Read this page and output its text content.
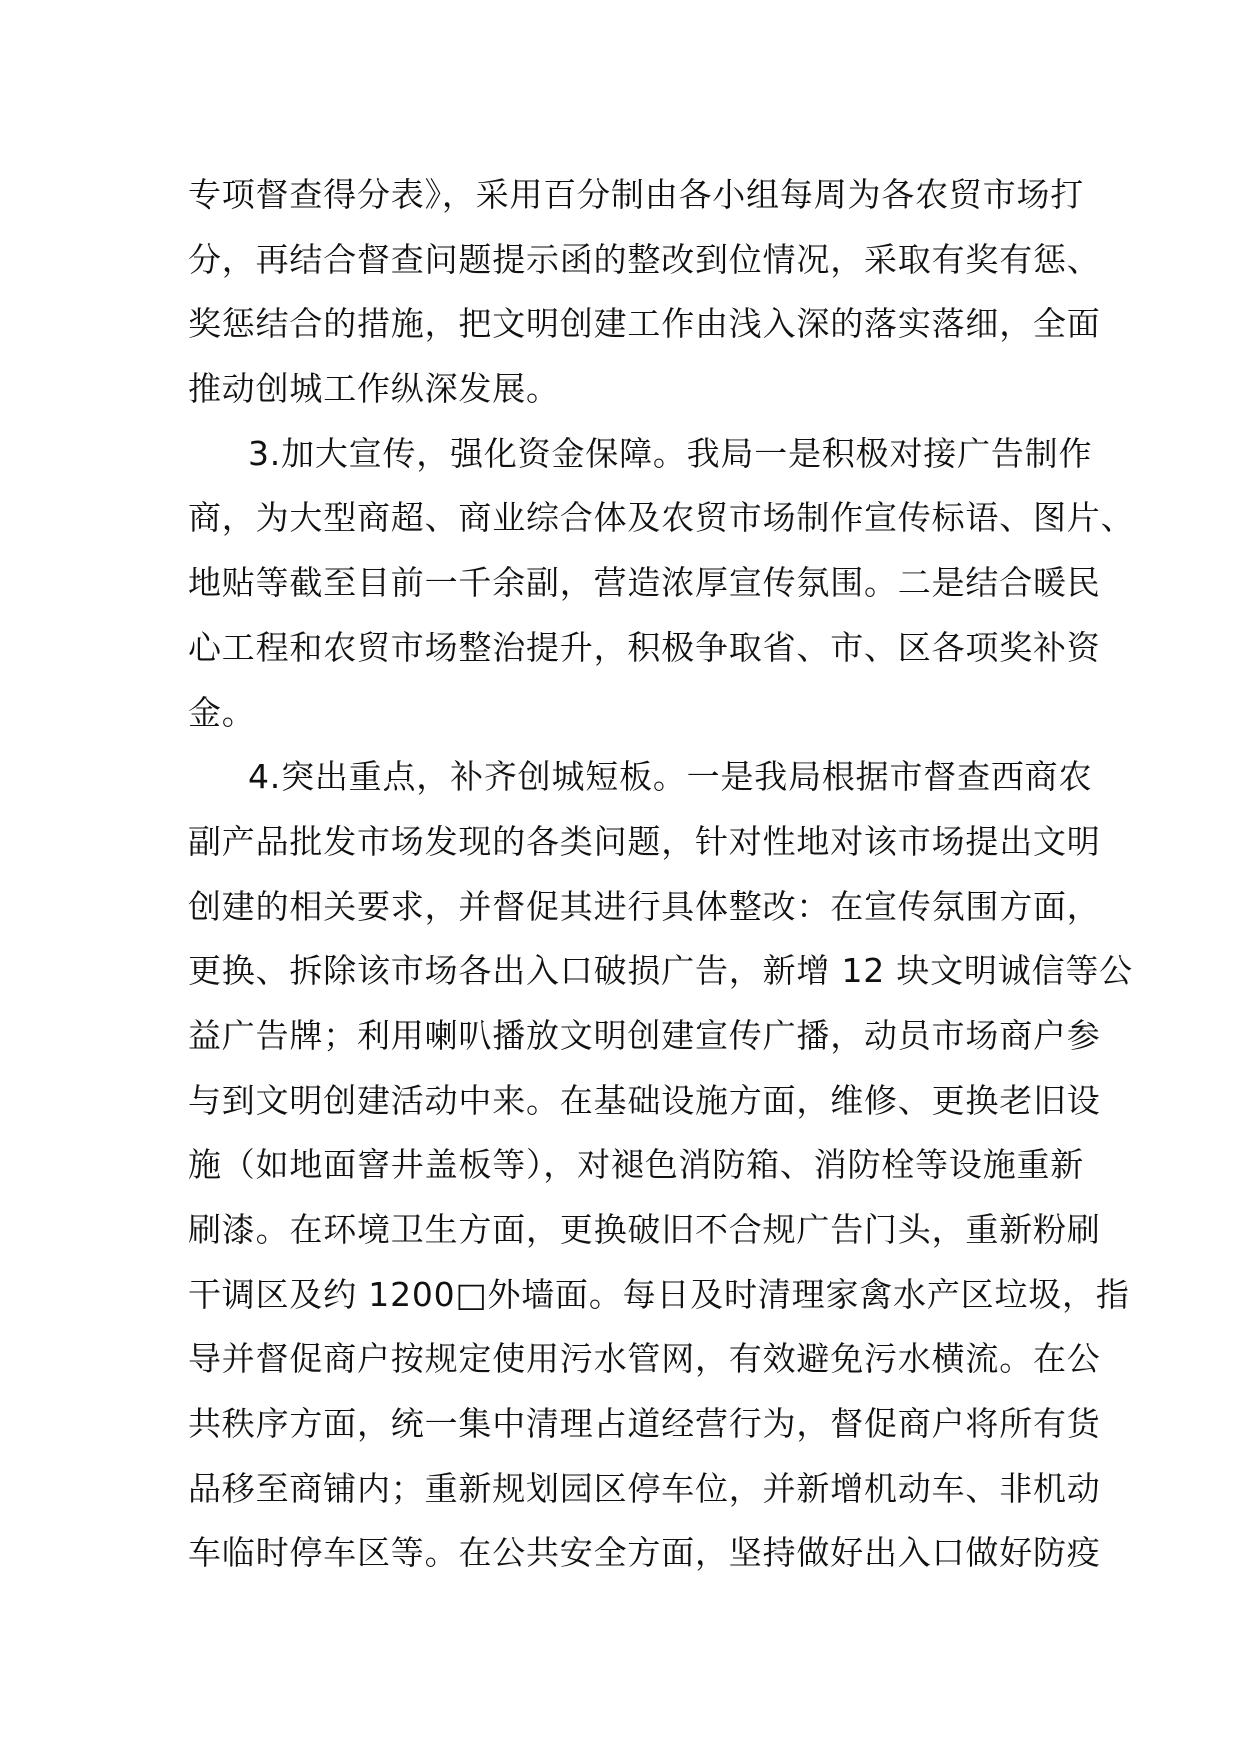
专项督查得分表》，采用百分制由各小组每周为各农贸市场打
分，再结合督查问题提示函的整改到位情况，采取有奖有惩、
奖惩结合的措施，把文明创建工作由浅入深的落实落细，全面
推动创城工作纵深发展。
3.加大宣传，强化资金保障。我局一是积极对接广告制作
商，为大型商超、商业综合体及农贸市场制作宣传标语、图片、
地贴等截至目前一千余副，营造浓厚宣传氛围。二是结合暖民
心工程和农贸市场整治提升，积极争取省、市、区各项奖补资
金。
4.突出重点，补齐创城短板。一是我局根据市督查西商农
副产品批发市场发现的各类问题，针对性地对该市场提出文明
创建的相关要求，并督促其进行具体整改：在宣传氛围方面，
更换、拆除该市场各出入口破损广告，新增 12 块文明诚信等公
益广告牌；利用喇叭播放文明创建宣传广播，动员市场商户参
与到文明创建活动中来。在基础设施方面，维修、更换老旧设
施（如地面窨井盖板等），对褪色消防箱、消防栓等设施重新
刷漆。在环境卫生方面，更换破旧不合规广告门头，重新粉刷
干调区及约 1200□外墙面。每日及时清理家禽水产区垃圾，指
导并督促商户按规定使用污水管网，有效避免污水横流。在公
共秩序方面，统一集中清理占道经营行为，督促商户将所有货
品移至商铺内；重新规划园区停车位，并新增机动车、非机动
车临时停车区等。在公共安全方面，坚持做好出入口做好防疫
